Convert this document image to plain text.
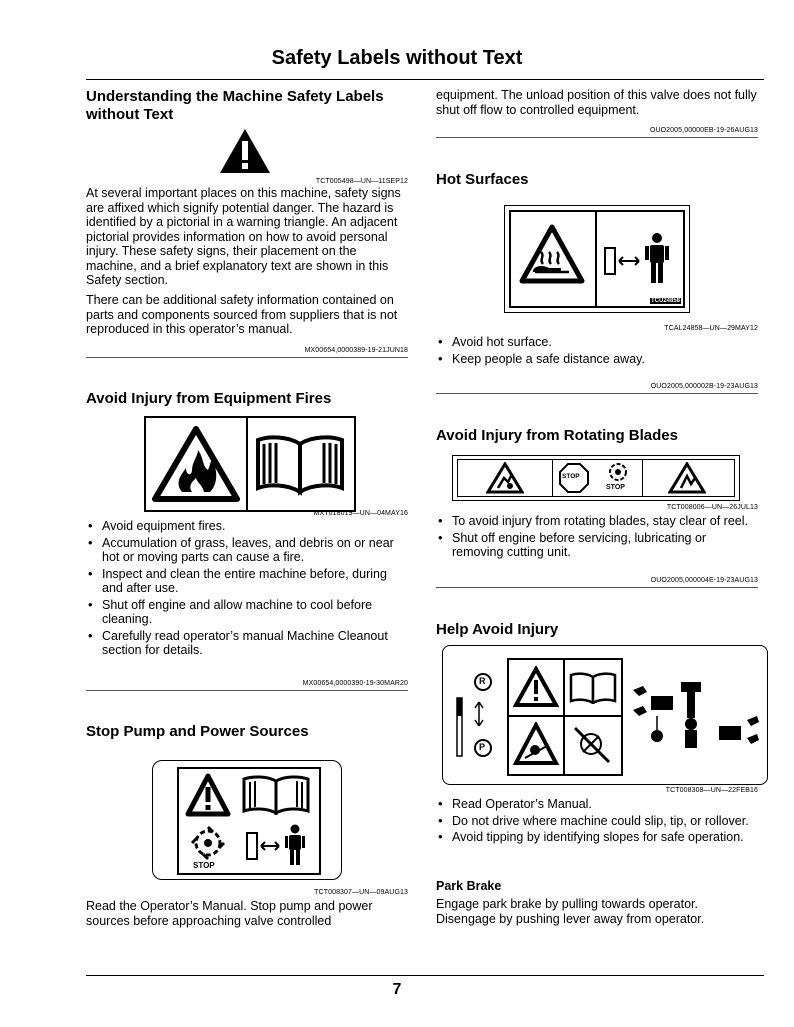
Safety Labels without Text
Understanding the Machine Safety Labels without Text
TCT005498—UN—11SEP12

At several important places on this machine, safety signs are affixed which signify potential danger. The hazard is identified by a pictorial in a warning triangle. An adjacent pictorial provides information on how to avoid personal injury. These safety signs, their placement on the machine, and a brief explanatory text are shown in this Safety section.

There can be additional safety information contained on parts and components sourced from suppliers that is not reproduced in this operator’s manual.

MX00654,0000389-19-21JUN18
Avoid Injury from Equipment Fires
MXT018019—UN—04MAY16
• Avoid equipment fires.
• Accumulation of grass, leaves, and debris on or near hot or moving parts can cause a fire.
• Inspect and clean the entire machine before, during and after use.
• Shut off engine and allow machine to cool before cleaning.
• Carefully read operator’s manual Machine Cleanout section for details.
MX00654,0000390-19-30MAR20
Stop Pump and Power Sources
STOP
TCT008307—UN—09AUG13

Read the Operator’s Manual. Stop pump and power sources before approaching valve controlled

equipment. The unload position of this valve does not fully shut off flow to controlled equipment.

OUO2005,00000EB-19-26AUG13
Hot Surfaces
TCU24858
TCAL24858—UN—29MAY12
• Avoid hot surface.
• Keep people a safe distance away.
OUO2005,000002B-19-23AUG13
Avoid Injury from Rotating Blades
STOP
STOP
TCT008006—UN—26JUL13
• To avoid injury from rotating blades, stay clear of reel.
• Shut off engine before servicing, lubricating or removing cutting unit.
OUO2005,000004E-19-23AUG13
Help Avoid Injury
R
P
TCT008308—UN—22FEB16
• Read Operator’s Manual.
• Do not drive where machine could slip, tip, or rollover.
• Avoid tipping by identifying slopes for safe operation.
Park Brake

Engage park brake by pulling towards operator. Disengage by pushing lever away from operator.

7
